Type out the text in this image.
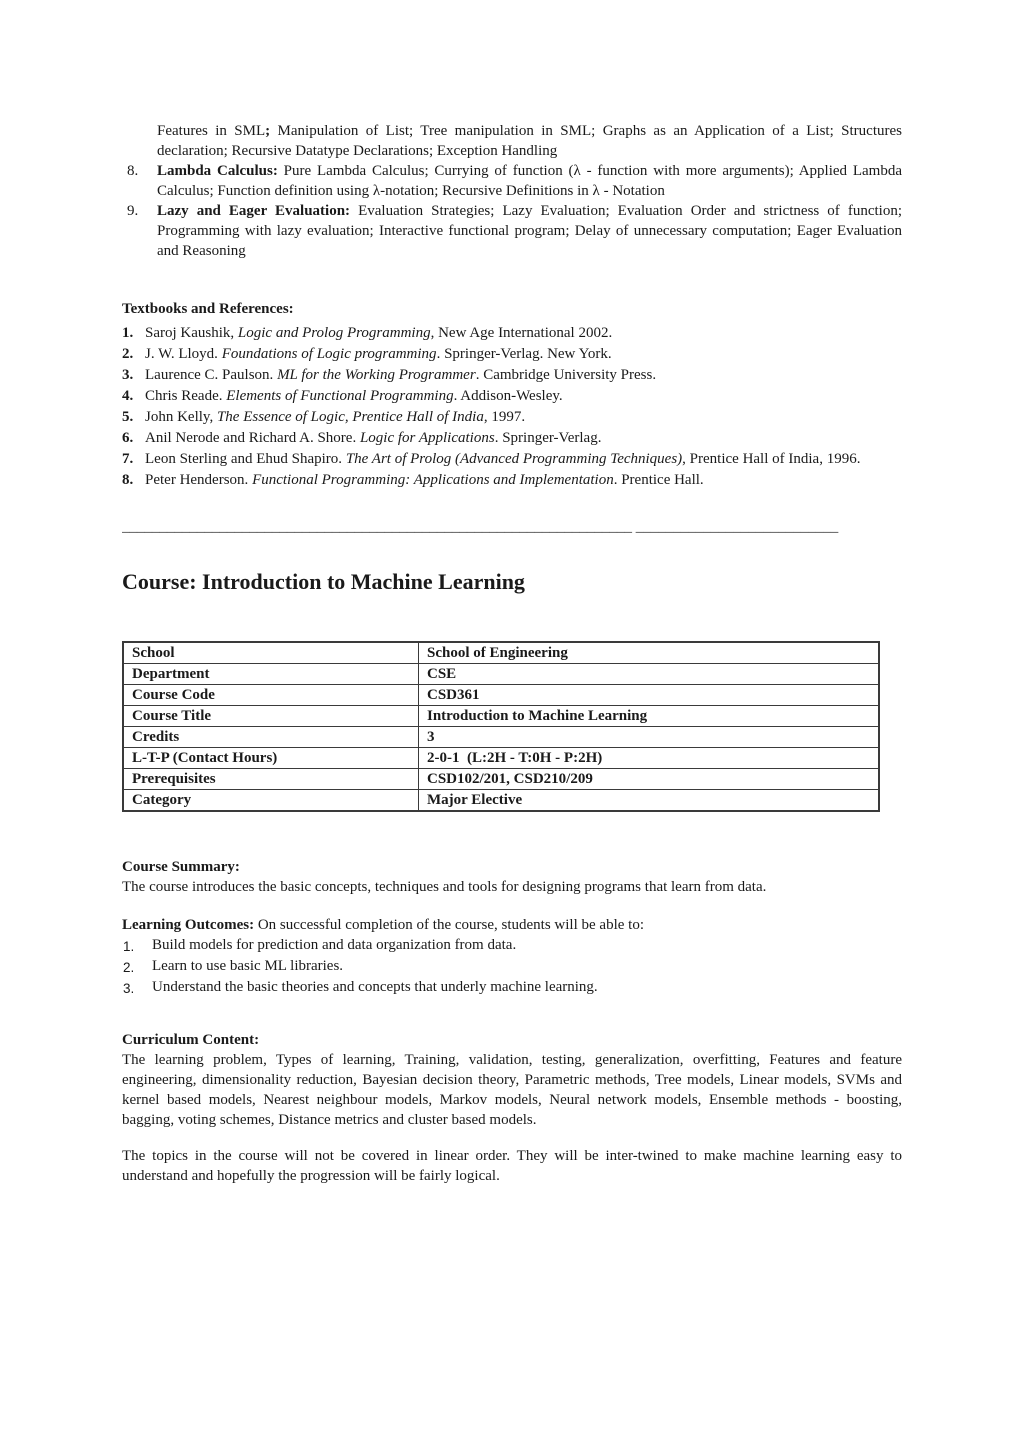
Features in SML; Manipulation of List; Tree manipulation in SML; Graphs as an Application of a List; Structures declaration; Recursive Datatype Declarations; Exception Handling
8. Lambda Calculus: Pure Lambda Calculus; Currying of function (λ - function with more arguments); Applied Lambda Calculus; Function definition using λ-notation; Recursive Definitions in λ - Notation
9. Lazy and Eager Evaluation: Evaluation Strategies; Lazy Evaluation; Evaluation Order and strictness of function; Programming with lazy evaluation; Interactive functional program; Delay of unnecessary computation; Eager Evaluation and Reasoning
Textbooks and References:
1. Saroj Kaushik, Logic and Prolog Programming, New Age International 2002.
2. J. W. Lloyd. Foundations of Logic programming. Springer-Verlag. New York.
3. Laurence C. Paulson. ML for the Working Programmer. Cambridge University Press.
4. Chris Reade. Elements of Functional Programming. Addison-Wesley.
5. John Kelly, The Essence of Logic, Prentice Hall of India, 1997.
6. Anil Nerode and Richard A. Shore. Logic for Applications. Springer-Verlag.
7. Leon Sterling and Ehud Shapiro. The Art of Prolog (Advanced Programming Techniques), Prentice Hall of India, 1996.
8. Peter Henderson. Functional Programming: Applications and Implementation. Prentice Hall.
____________________________________________________________________ ___________________________
Course: Introduction to Machine Learning
School	School of Engineering
Department	CSE
Course Code	CSD361
Course Title	Introduction to Machine Learning
Credits	3
L-T-P (Contact Hours)	2-0-1  (L:2H - T:0H - P:2H)
Prerequisites	CSD102/201, CSD210/209
Category	Major Elective

Course Summary:

The course introduces the basic concepts, techniques and tools for designing programs that learn from data.

Learning Outcomes: On successful completion of the course, students will be able to:

1. Build models for prediction and data organization from data.
2. Learn to use basic ML libraries.
3. Understand the basic theories and concepts that underly machine learning.

Curriculum Content:

The learning problem, Types of learning, Training, validation, testing, generalization, overfitting, Features and feature engineering, dimensionality reduction, Bayesian decision theory, Parametric methods, Tree models, Linear models, SVMs and kernel based models, Nearest neighbour models, Markov models, Neural network models, Ensemble methods - boosting, bagging, voting schemes, Distance metrics and cluster based models.

The topics in the course will not be covered in linear order. They will be inter-twined to make machine learning easy to understand and hopefully the progression will be fairly logical.
